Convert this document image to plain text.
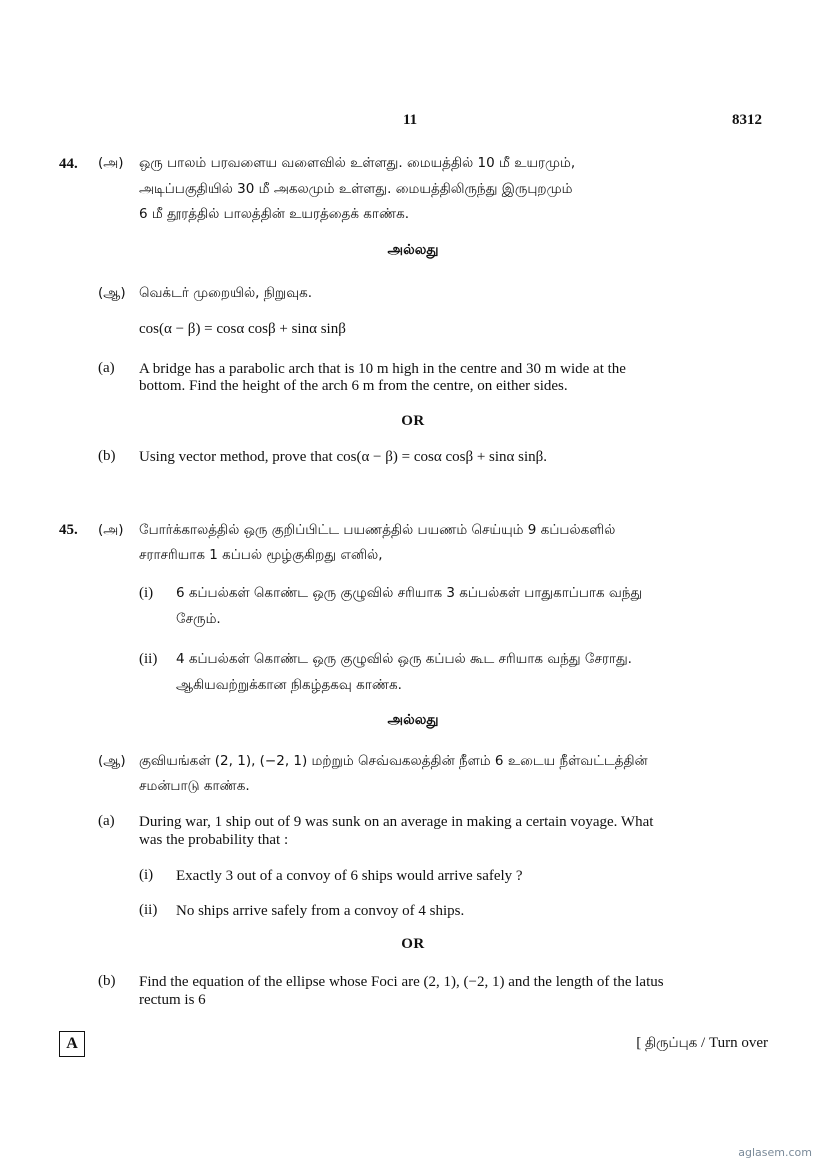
11	8312
44. (அ) ஒரு பாலம் பரவளைய வளைவில் உள்ளது. மையத்தில் 10 மீ உயரமும்,
அடிப்பகுதியில் 30 மீ அகலமும் உள்ளது. மையத்திலிருந்து இருபுறமும்
6 மீ தூரத்தில் பாலத்தின் உயரத்தைக் காண்க.
அல்லது
(ஆ) வெக்டர் முறையில், நிறுவுக.
cos(α − β) = cosα cosβ + sinα sinβ
(a) A bridge has a parabolic arch that is 10 m high in the centre and 30 m wide at the
bottom. Find the height of the arch 6 m from the centre, on either sides.
OR
(b) Using vector method, prove that cos(α − β) = cosα cosβ + sinα sinβ.
45. (அ) போர்க்காலத்தில் ஒரு குறிப்பிட்ட பயணத்தில் பயணம் செய்யும் 9 கப்பல்களில்
சராசரியாக 1 கப்பல் மூழ்குகிறது எனில்,
(i) 6 கப்பல்கள் கொண்ட ஒரு குழுவில் சரியாக 3 கப்பல்கள் பாதுகாப்பாக வந்து
சேரும்.
(ii) 4 கப்பல்கள் கொண்ட ஒரு குழுவில் ஒரு கப்பல் கூட சரியாக வந்து சேராது.
ஆகியவற்றுக்கான நிகழ்தகவு காண்க.
அல்லது
(ஆ) குவியங்கள் (2, 1), (−2, 1) மற்றும் செவ்வகலத்தின் நீளம் 6 உடைய நீள்வட்டத்தின்
சமன்பாடு காண்க.
(a) During war, 1 ship out of 9 was sunk on an average in making a certain voyage. What
was the probability that :
(i) Exactly 3 out of a convoy of 6 ships would arrive safely ?
(ii) No ships arrive safely from a convoy of 4 ships.
OR
(b) Find the equation of the ellipse whose Foci are (2, 1), (−2, 1) and the length of the latus
rectum is 6
A	[ திருப்புக / Turn over
aglasem.com
